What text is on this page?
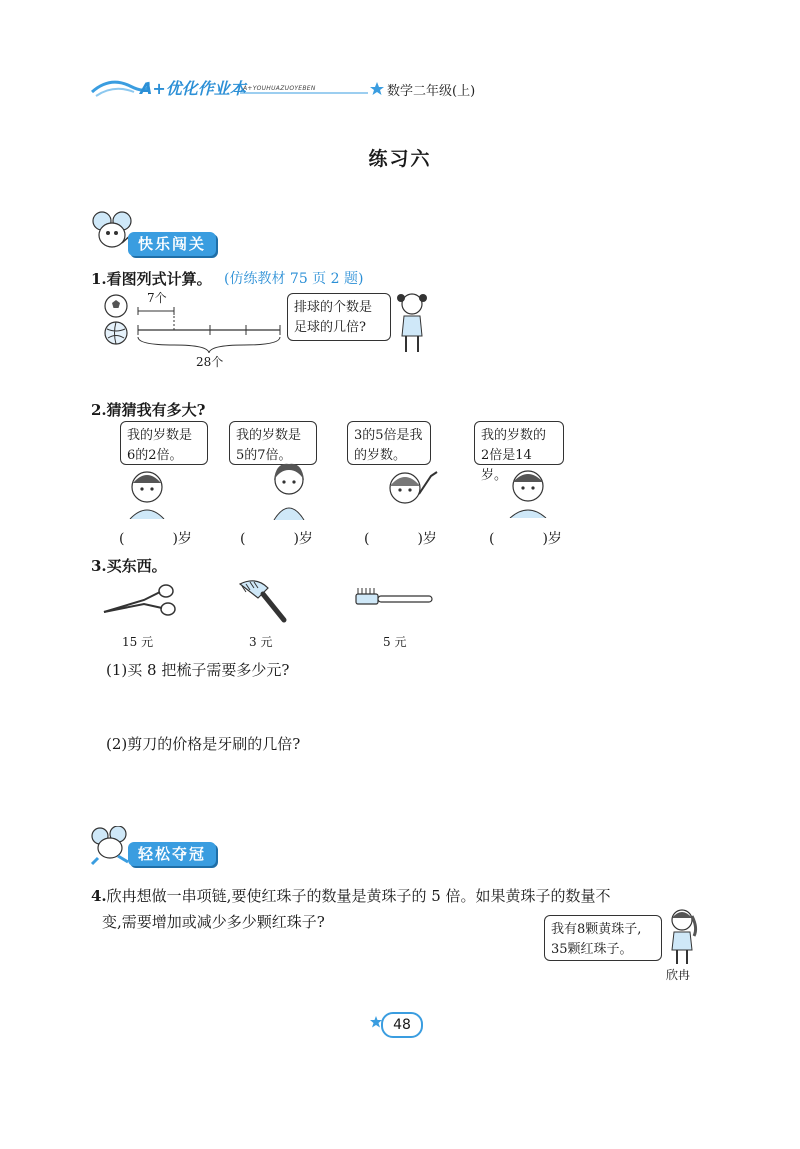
A+优化作业本
A+YOUHUAZUOYEBEN	数学二年级(上)
练习六
快乐闯关
1.看图列式计算。 (仿练教材 75 页 2 题)
7个
28个
排球的个数是
足球的几倍?
2.猜猜我有多大?
我的岁数是
6的2倍。
我的岁数是
5的7倍。
3的5倍是我
的岁数。
我的岁数的
2倍是14岁。
(	)岁	(	)岁	(	)岁	(	)岁
3.买东西。
15 元	3 元	5 元
(1)买 8 把梳子需要多少元?
(2)剪刀的价格是牙刷的几倍?
轻松夺冠
4.欣冉想做一串项链,要使红珠子的数量是黄珠子的 5 倍。如果黄珠子的数量不
变,需要增加或减少多少颗红珠子?	我有8颗黄珠子,
35颗红珠子。
欣冉
48
